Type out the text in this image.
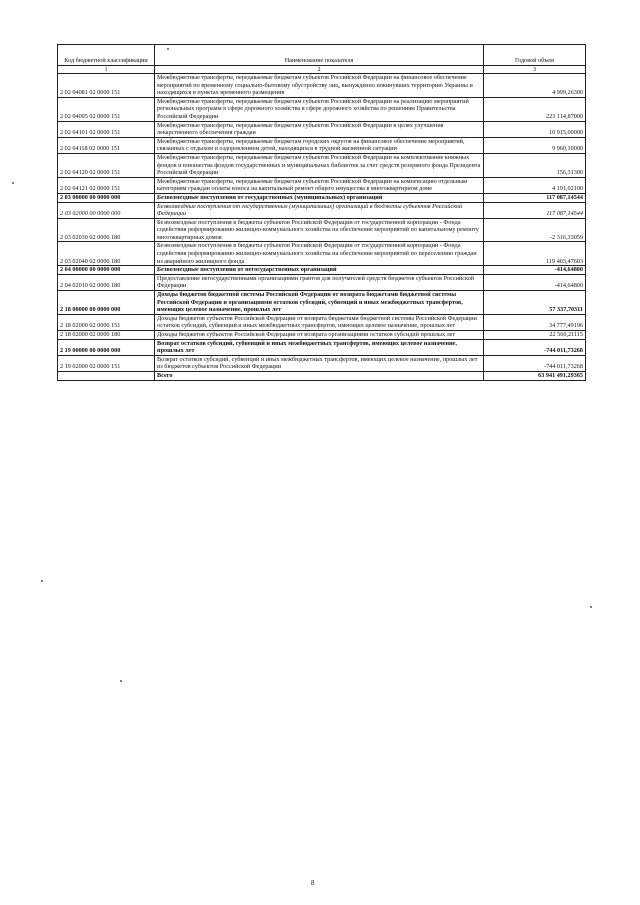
Код бюджетной классификации	Наименование показателя	Годовой объем
1	2	3
2 02 04081 02 0000 151	Межбюджетные трансферты, передаваемые бюджетам субъектов Российской Федерации на финансовое обеспечение мероприятий по временному социально-бытовому обустройству лиц, вынужденно покинувших территорию Украины и находящихся в пунктах временного размещения	4 999,26300
2 02 04095 02 0000 151	Межбюджетные трансферты, передаваемые бюджетам субъектов Российской Федерации на реализацию мероприятий региональных программ в сфере дорожного хозяйства в сфере дорожного хозяйства по решениям Правительства Российской Федерации	223 114,87000
2 02 04101 02 0000 151	Межбюджетные трансферты, передаваемые бюджетам субъектов Российской Федерации в целях улучшения лекарственного обеспечения граждан	10 915,00000
2 02 04118 02 0000 151	Межбюджетные трансферты, передаваемые бюджетам городских округов на финансовое обеспечение мероприятий, связанных с отдыхом и оздоровлением детей, находящихся в трудной жизненной ситуации	9 960,10000
2 02 04120 02 0000 151	Межбюджетные трансферты, передаваемые бюджетам субъектов Российской Федерации на комплектование книжных фондов и юношества фондов государственных и муниципальных библиотек за счет средств резервного фонда Президента Российской Федерации	156,31300
2 02 04121 02 0000 151	Межбюджетные трансферты, передаваемые бюджетам субъектов Российской Федерации на компенсацию отдельным категориям граждан оплаты взноса на капитальный ремонт общего имущества в многоквартирном доме	4 191,02100
2 03 00000 00 0000 000	Безвозмездные поступления от государственных (муниципальных) организаций	117 087,14544
2 03 02000 00 0000 000	Безвозмездные поступления от государственных (муниципальных) организаций в бюджеты субъектов Российской Федерации	117 087,14544
2 03 02030 02 0000 180	Безвозмездные поступления в бюджеты субъектов Российской Федерации от государственной корпорации - Фонда содействия реформированию жилищно-коммунального хозяйства на обеспечение мероприятий по капитальному ремонту многоквартирных домов	-2 316,33059
2 03 02040 02 0000 180	Безвозмездные поступления в бюджеты субъектов Российской Федерации от государственной корпорации - Фонда содействия реформированию жилищно-коммунального хозяйства на обеспечение мероприятий по переселению граждан из аварийного жилищного фонда	119 403,47603
2 04 00000 00 0000 000	Безвозмездные поступления от негосударственных организаций	-414,64800
2 04 02010 02 0000 180	Предоставление негосударственными организациями грантов для получателей средств бюджетов субъектов Российской Федерации	-414,64800
2 18 00000 00 0000 000	Доходы бюджетов бюджетной системы Российской Федерации от возврата бюджетами бюджетной системы Российской Федерации и организациями остатков субсидий, субвенций и иных межбюджетных трансфертов, имеющих целевое назначение, прошлых лет	57 337,70311
2 18 02000 02 0000 151	Доходы бюджетов субъектов Российской Федерации от возврата бюджетами бюджетной системы Российской Федерации остатков субсидий, субвенций и иных межбюджетных трансфертов, имеющих целевое назначение, прошлых лет	34 777,49196
2 18 02000 02 0000 180	Доходы бюджетов субъектов Российской Федерации от возврата организациями остатков субсидий прошлых лет	22 560,21115
2 19 00000 00 0000 000	Возврат остатков субсидий, субвенций и иных межбюджетных трансфертов, имеющих целевое назначение, прошлых лет	-744 011,73268
2 19 02000 02 0000 151	Возврат остатков субсидий, субвенций и иных межбюджетных трансфертов, имеющих целевое назначение, прошлых лет из бюджетов субъектов Российской Федерации	-744 011,73268
	Всего	63 941 491,29365
8
